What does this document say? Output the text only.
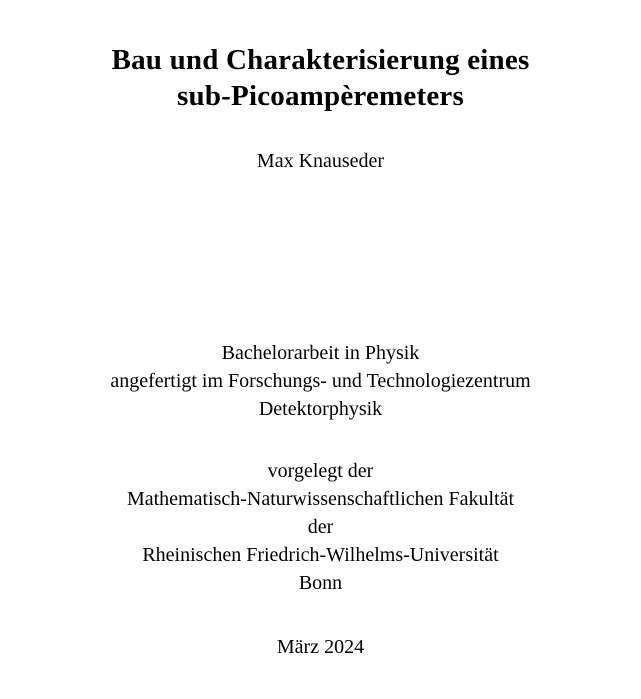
Bau und Charakterisierung eines
sub-Picoampèremeters
Max Knauseder
Bachelorarbeit in Physik
angefertigt im Forschungs- und Technologiezentrum
Detektorphysik
vorgelegt der
Mathematisch-Naturwissenschaftlichen Fakultät
der
Rheinischen Friedrich-Wilhelms-Universität
Bonn
März 2024
